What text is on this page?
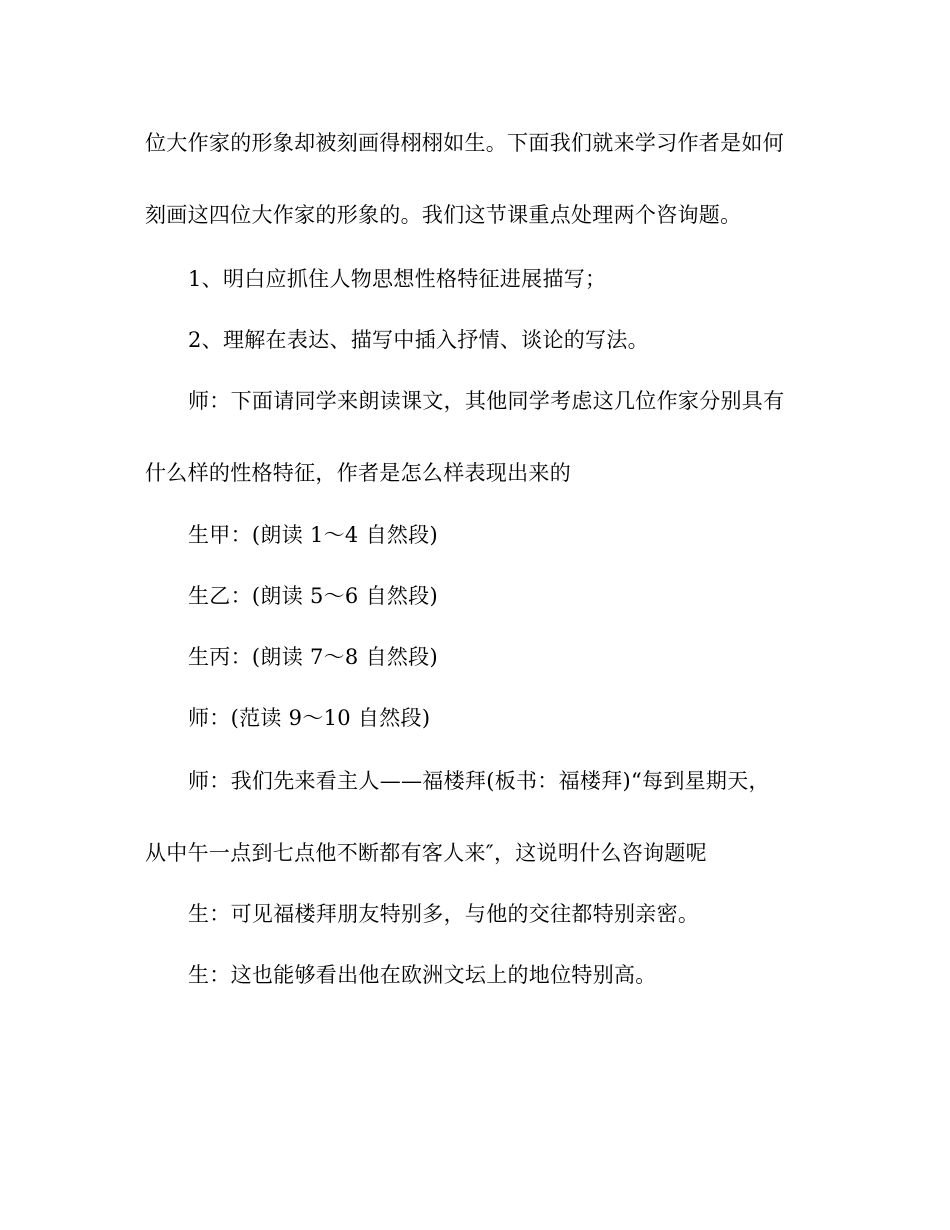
位大作家的形象却被刻画得栩栩如生。下面我们就来学习作者是如何
刻画这四位大作家的形象的。我们这节课重点处理两个咨询题。
1、明白应抓住人物思想性格特征进展描写；
2、理解在表达、描写中插入抒情、谈论的写法。
师：下面请同学来朗读课文，其他同学考虑这几位作家分别具有
什么样的性格特征，作者是怎么样表现出来的
生甲：(朗读 1～4 自然段)
生乙：(朗读 5～6 自然段)
生丙：(朗读 7～8 自然段)
师：(范读 9～10 自然段)
师：我们先来看主人——福楼拜(板书：福楼拜)“每到星期天，
从中午一点到七点他不断都有客人来″，这说明什么咨询题呢
生：可见福楼拜朋友特别多，与他的交往都特别亲密。
生：这也能够看出他在欧洲文坛上的地位特别高。
